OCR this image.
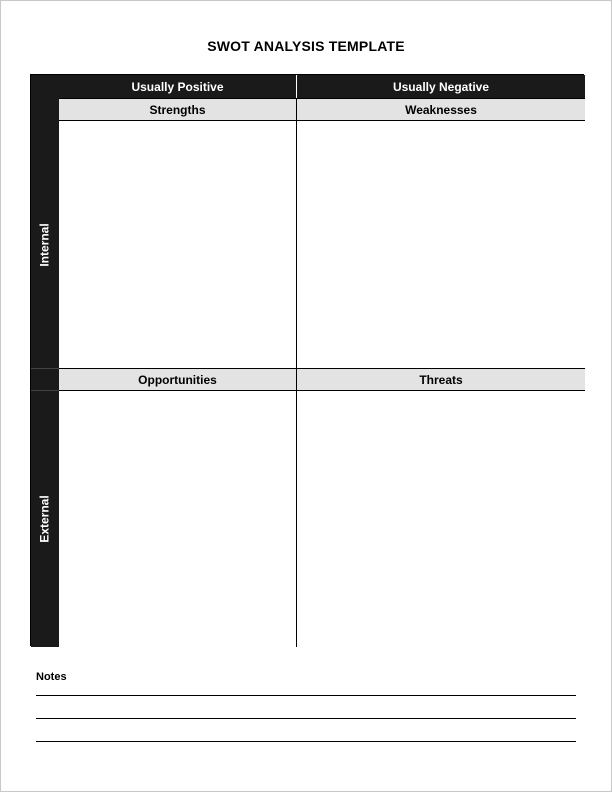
SWOT ANALYSIS TEMPLATE
Usually Positive	Usually Negative
Strengths	Weaknesses
Internal
Opportunities	Threats
External
Notes
